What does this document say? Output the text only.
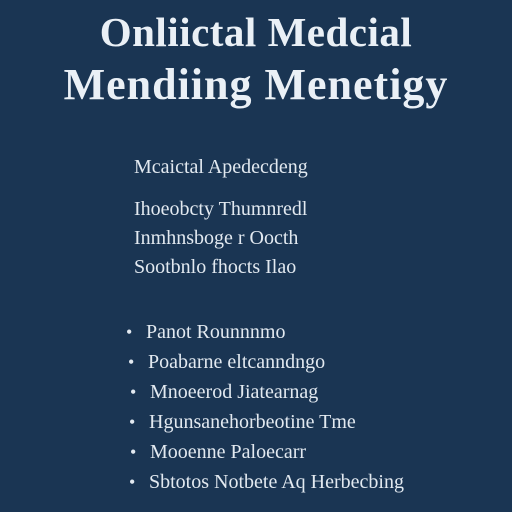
Onliictal Medcial
Mendiing Menetigy
Mcaictal Apedecdeng
Ihoeobcty Thumnredl
Inmhnsboge r Oocth
Sootbnlo fhocts Ilao
• Panot Rounnnmo
• Poabarne eltcanndngo
• Mnoeerod Jiatearnag
• Hgunsanehorbeotine Tme
• Mooenne Paloecarr
• Sbtotos Notbete Aq Herbecbing
